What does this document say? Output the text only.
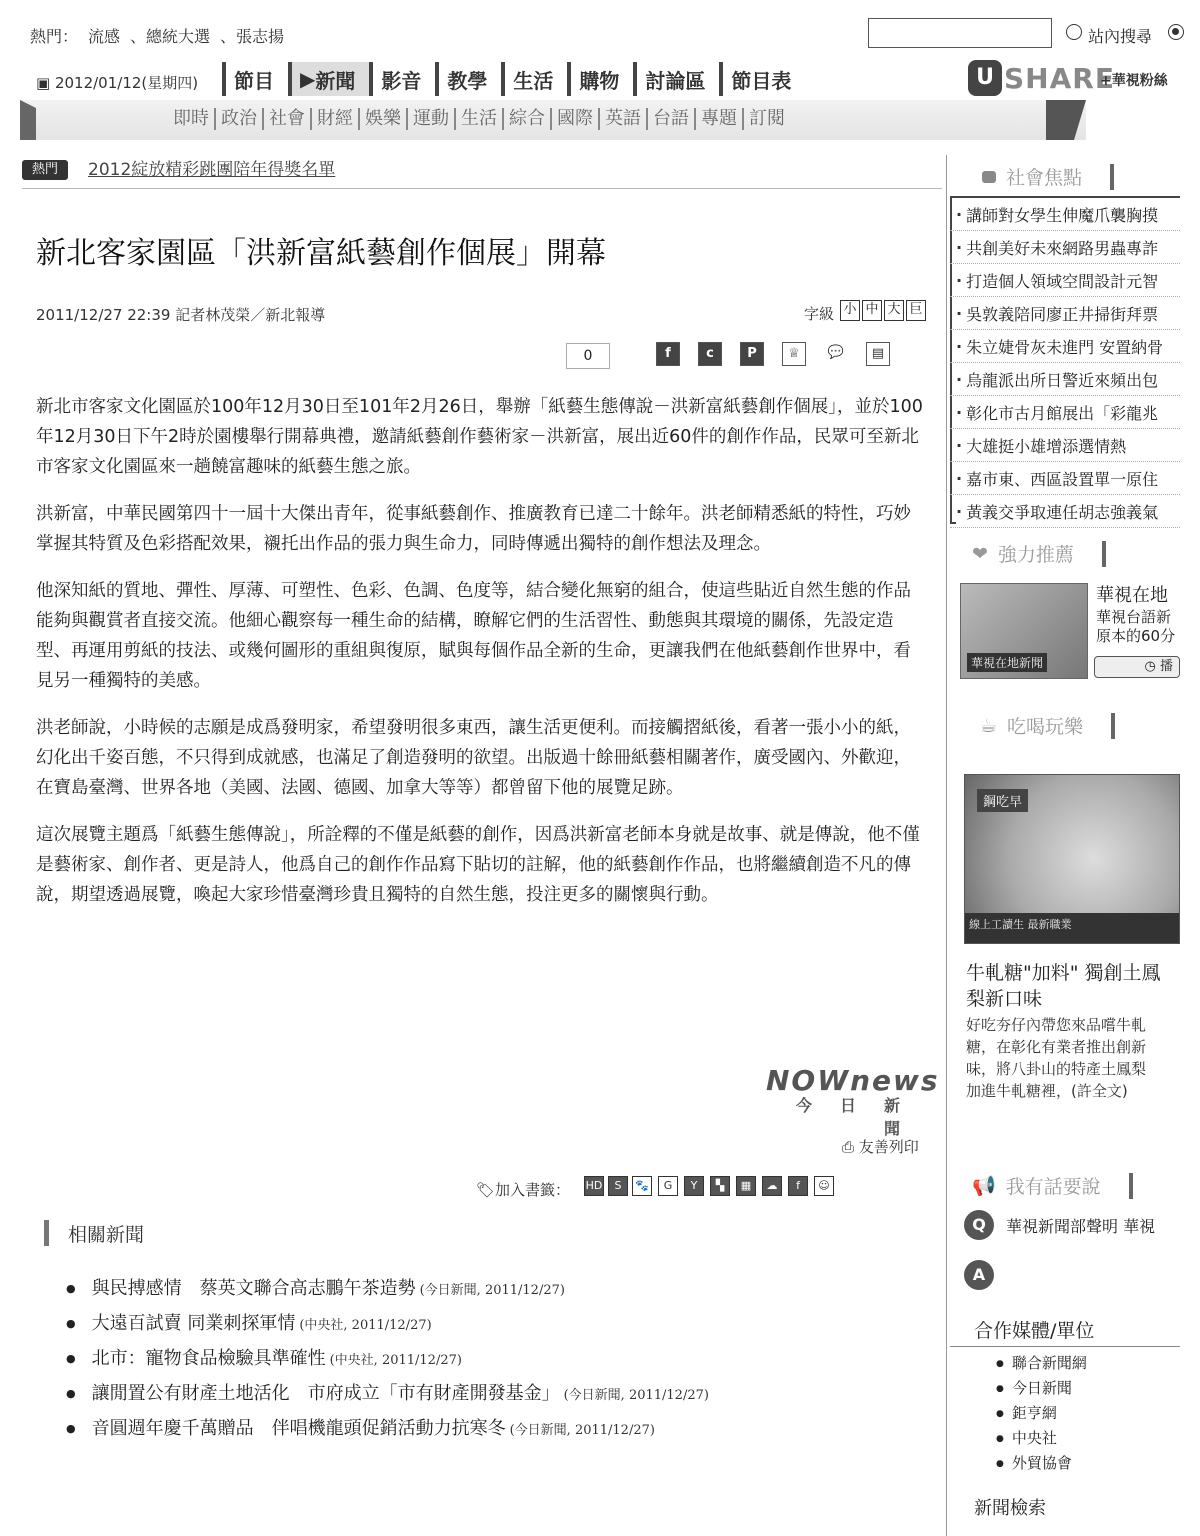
熱門： 流感 、總統大選 、張志揚	站內搜尋
▣ 2012/01/12(星期四)	節目	▶ 新聞	影音	教學	生活	購物	討論區	節目表	U SHARE
+華視粉絲
即時 政治 社會 財經 娛樂 運動 生活 綜合 國際 英語 台語 專題 訂閱
熱門	2012綻放精彩跳團陪年得獎名單
新北客家園區「洪新富紙藝創作個展」開幕
2011/12/27 22:39 記者林茂榮／新北報導	字級 小 中 大 巨
0	f	c	P	♕	💬	▤

新北市客家文化園區於100年12月30日至101年2月26日，舉辦「紙藝生態傳說－洪新富紙藝創作個展」，並於100年12月30日下午2時於園樓舉行開幕典禮，邀請紙藝創作藝術家－洪新富，展出近60件的創作作品，民眾可至新北市客家文化園區來一趟饒富趣味的紙藝生態之旅。

洪新富，中華民國第四十一屆十大傑出青年，從事紙藝創作、推廣教育已達二十餘年。洪老師精悉紙的特性，巧妙掌握其特質及色彩搭配效果，襯托出作品的張力與生命力，同時傳遞出獨特的創作想法及理念。

他深知紙的質地、彈性、厚薄、可塑性、色彩、色調、色度等，結合變化無窮的組合，使這些貼近自然生態的作品能夠與觀賞者直接交流。他細心觀察每一種生命的結構，瞭解它們的生活習性、動態與其環境的關係，先設定造型、再運用剪紙的技法、或幾何圖形的重組與復原，賦與每個作品全新的生命，更讓我們在他紙藝創作世界中，看見另一種獨特的美感。

洪老師說，小時候的志願是成爲發明家，希望發明很多東西，讓生活更便利。而接觸摺紙後，看著一張小小的紙，幻化出千姿百態，不只得到成就感，也滿足了創造發明的欲望。出版過十餘冊紙藝相關著作，廣受國內、外歡迎，在寶島臺灣、世界各地（美國、法國、德國、加拿大等等）都曾留下他的展覽足跡。

這次展覽主題爲「紙藝生態傳說」，所詮釋的不僅是紙藝的創作，因爲洪新富老師本身就是故事、就是傳說，他不僅是藝術家、創作者、更是詩人，他爲自己的創作作品寫下貼切的註解，他的紙藝創作作品，也將繼續創造不凡的傳說，期望透過展覽，喚起大家珍惜臺灣珍貴且獨特的自然生態，投注更多的關懷與行動。

NOWnews
今日新聞
⎙ 友善列印
🏷加入書籤： HD	S	🐾	G	Y	▚	▦	☁	f	☺
相關新聞
● 與民搏感情　蔡英文聯合高志鵬午茶造勢 (今日新聞, 2011/12/27)
● 大遠百試賣 同業刺探軍情 (中央社, 2011/12/27)
● 北市：寵物食品檢驗具準確性 (中央社, 2011/12/27)
● 讓閒置公有財產土地活化　市府成立「市有財產開發基金」 (今日新聞, 2011/12/27)
● 音圓週年慶千萬贈品　伴唱機龍頭促銷活動力抗寒冬 (今日新聞, 2011/12/27)
社會焦點
· 講師對女學生伸魔爪襲胸摸
· 共創美好未來網路男蟲專詐
· 打造個人領域空間設計元智
· 吳敦義陪同廖正井掃街拜票
· 朱立婕骨灰未進門 安置納骨
· 烏龍派出所日警近來頻出包
· 彰化市古月館展出「彩龍兆
· 大雄挺小雄增添選情熱
· 嘉市東、西區設置單一原住
· 黃義交爭取連任胡志強義氣
❤ 強力推薦
華視在地新聞
華視在地
華視台語新
原本的60分
◷ 播
☕ 吃喝玩樂
鋼吃早
線上工讀生 最新職業
牛軋糖"加料" 獨創土鳳
梨新口味
好吃夯仔內帶您來品嚐牛軋
糖，在彰化有業者推出創新
味，將八卦山的特產土鳳梨
加進牛軋糖裡，(許全文)
📢 我有話要說
Q	華視新聞部聲明 華視
A
合作媒體/單位
● 聯合新聞網
● 今日新聞
● 鉅亨網
● 中央社
● 外貿協會
新聞檢索
